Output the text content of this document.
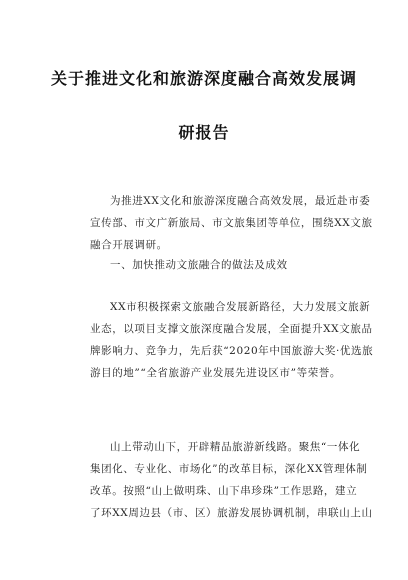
关于推进文化和旅游深度融合高效发展调
研报告
为推进XX文化和旅游深度融合高效发展，最近赴市委
宣传部、市文广新旅局、市文旅集团等单位，围绕XX文旅
融合开展调研。
一、加快推动文旅融合的做法及成效
XX市积极探索文旅融合发展新路径，大力发展文旅新
业态，以项目支撑文旅深度融合发展，全面提升XX文旅品
牌影响力、竞争力，先后获“2020年中国旅游大奖·优选旅
游目的地”“全省旅游产业发展先进设区市”等荣誉。
山上带动山下，开辟精品旅游新线路。聚焦“一体化
集团化、专业化、市场化”的改革目标，深化XX管理体制
改革。按照“山上做明珠、山下串珍珠”工作思路，建立
了环XX周边县（市、区）旅游发展协调机制，串联山上山
